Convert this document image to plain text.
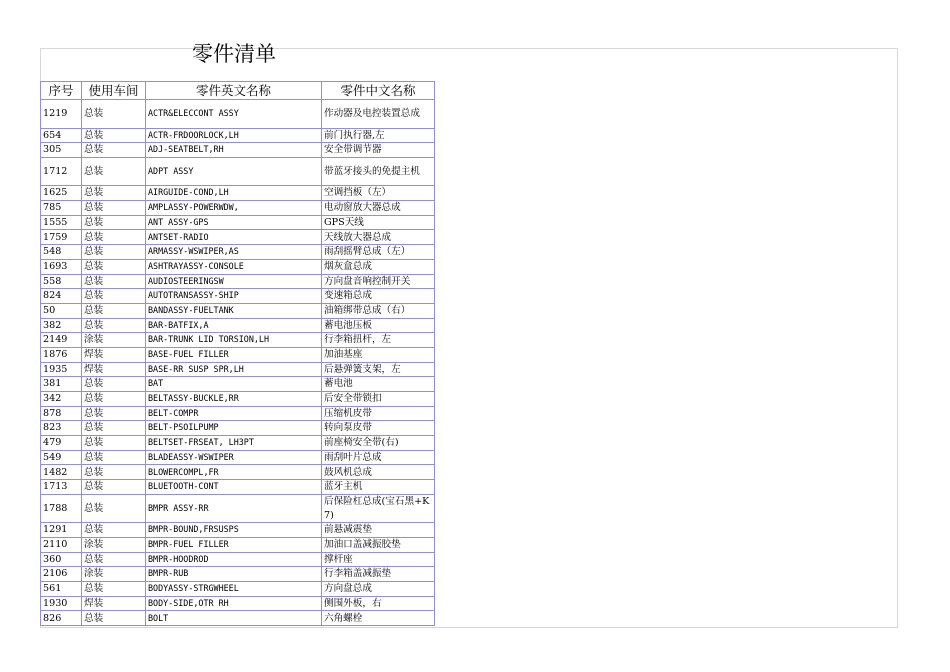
零件清单
序号	使用车间	零件英文名称	零件中文名称
1219	总装	ACTR&ELECCONT ASSY	作动器及电控装置总成
654	总装	ACTR-FRDOORLOCK,LH	前门执行器,左
305	总装	ADJ-SEATBELT,RH	安全带调节器
1712	总装	ADPT ASSY	带蓝牙接头的免提主机
1625	总装	AIRGUIDE-COND,LH	空调挡板（左）
785	总装	AMPLASSY-POWERWDW,	电动窗放大器总成
1555	总装	ANT ASSY-GPS	GPS天线
1759	总装	ANTSET-RADIO	天线放大器总成
548	总装	ARMASSY-WSWIPER,AS	雨刮摇臂总成（左）
1693	总装	ASHTRAYASSY-CONSOLE	烟灰盒总成
558	总装	AUDIOSTEERINGSW	方向盘音响控制开关
824	总装	AUTOTRANSASSY-SHIP	变速箱总成
50	总装	BANDASSY-FUELTANK	油箱绑带总成（右）
382	总装	BAR-BATFIX,A	蓄电池压板
2149	涂装	BAR-TRUNK LID TORSION,LH	行李箱扭杆，左
1876	焊装	BASE-FUEL FILLER	加油基座
1935	焊装	BASE-RR SUSP SPR,LH	后悬弹簧支架，左
381	总装	BAT	蓄电池
342	总装	BELTASSY-BUCKLE,RR	后安全带锁扣
878	总装	BELT-COMPR	压缩机皮带
823	总装	BELT-PSOILPUMP	转向泵皮带
479	总装	BELTSET-FRSEAT, LH3PT	前座椅安全带(右)
549	总装	BLADEASSY-WSWIPER	雨刮叶片总成
1482	总装	BLOWERCOMPL,FR	鼓风机总成
1713	总装	BLUETOOTH-CONT	蓝牙主机
1788	总装	BMPR ASSY-RR	后保险杠总成(宝石黑+K7)
1291	总装	BMPR-BOUND,FRSUSPS	前悬减震垫
2110	涂装	BMPR-FUEL FILLER	加油口盖减振胶垫
360	总装	BMPR-HOODROD	撑杆座
2106	涂装	BMPR-RUB	行李箱盖减振垫
561	总装	BODYASSY-STRGWHEEL	方向盘总成
1930	焊装	BODY-SIDE,OTR RH	侧围外板，右
826	总装	BOLT	六角螺栓
